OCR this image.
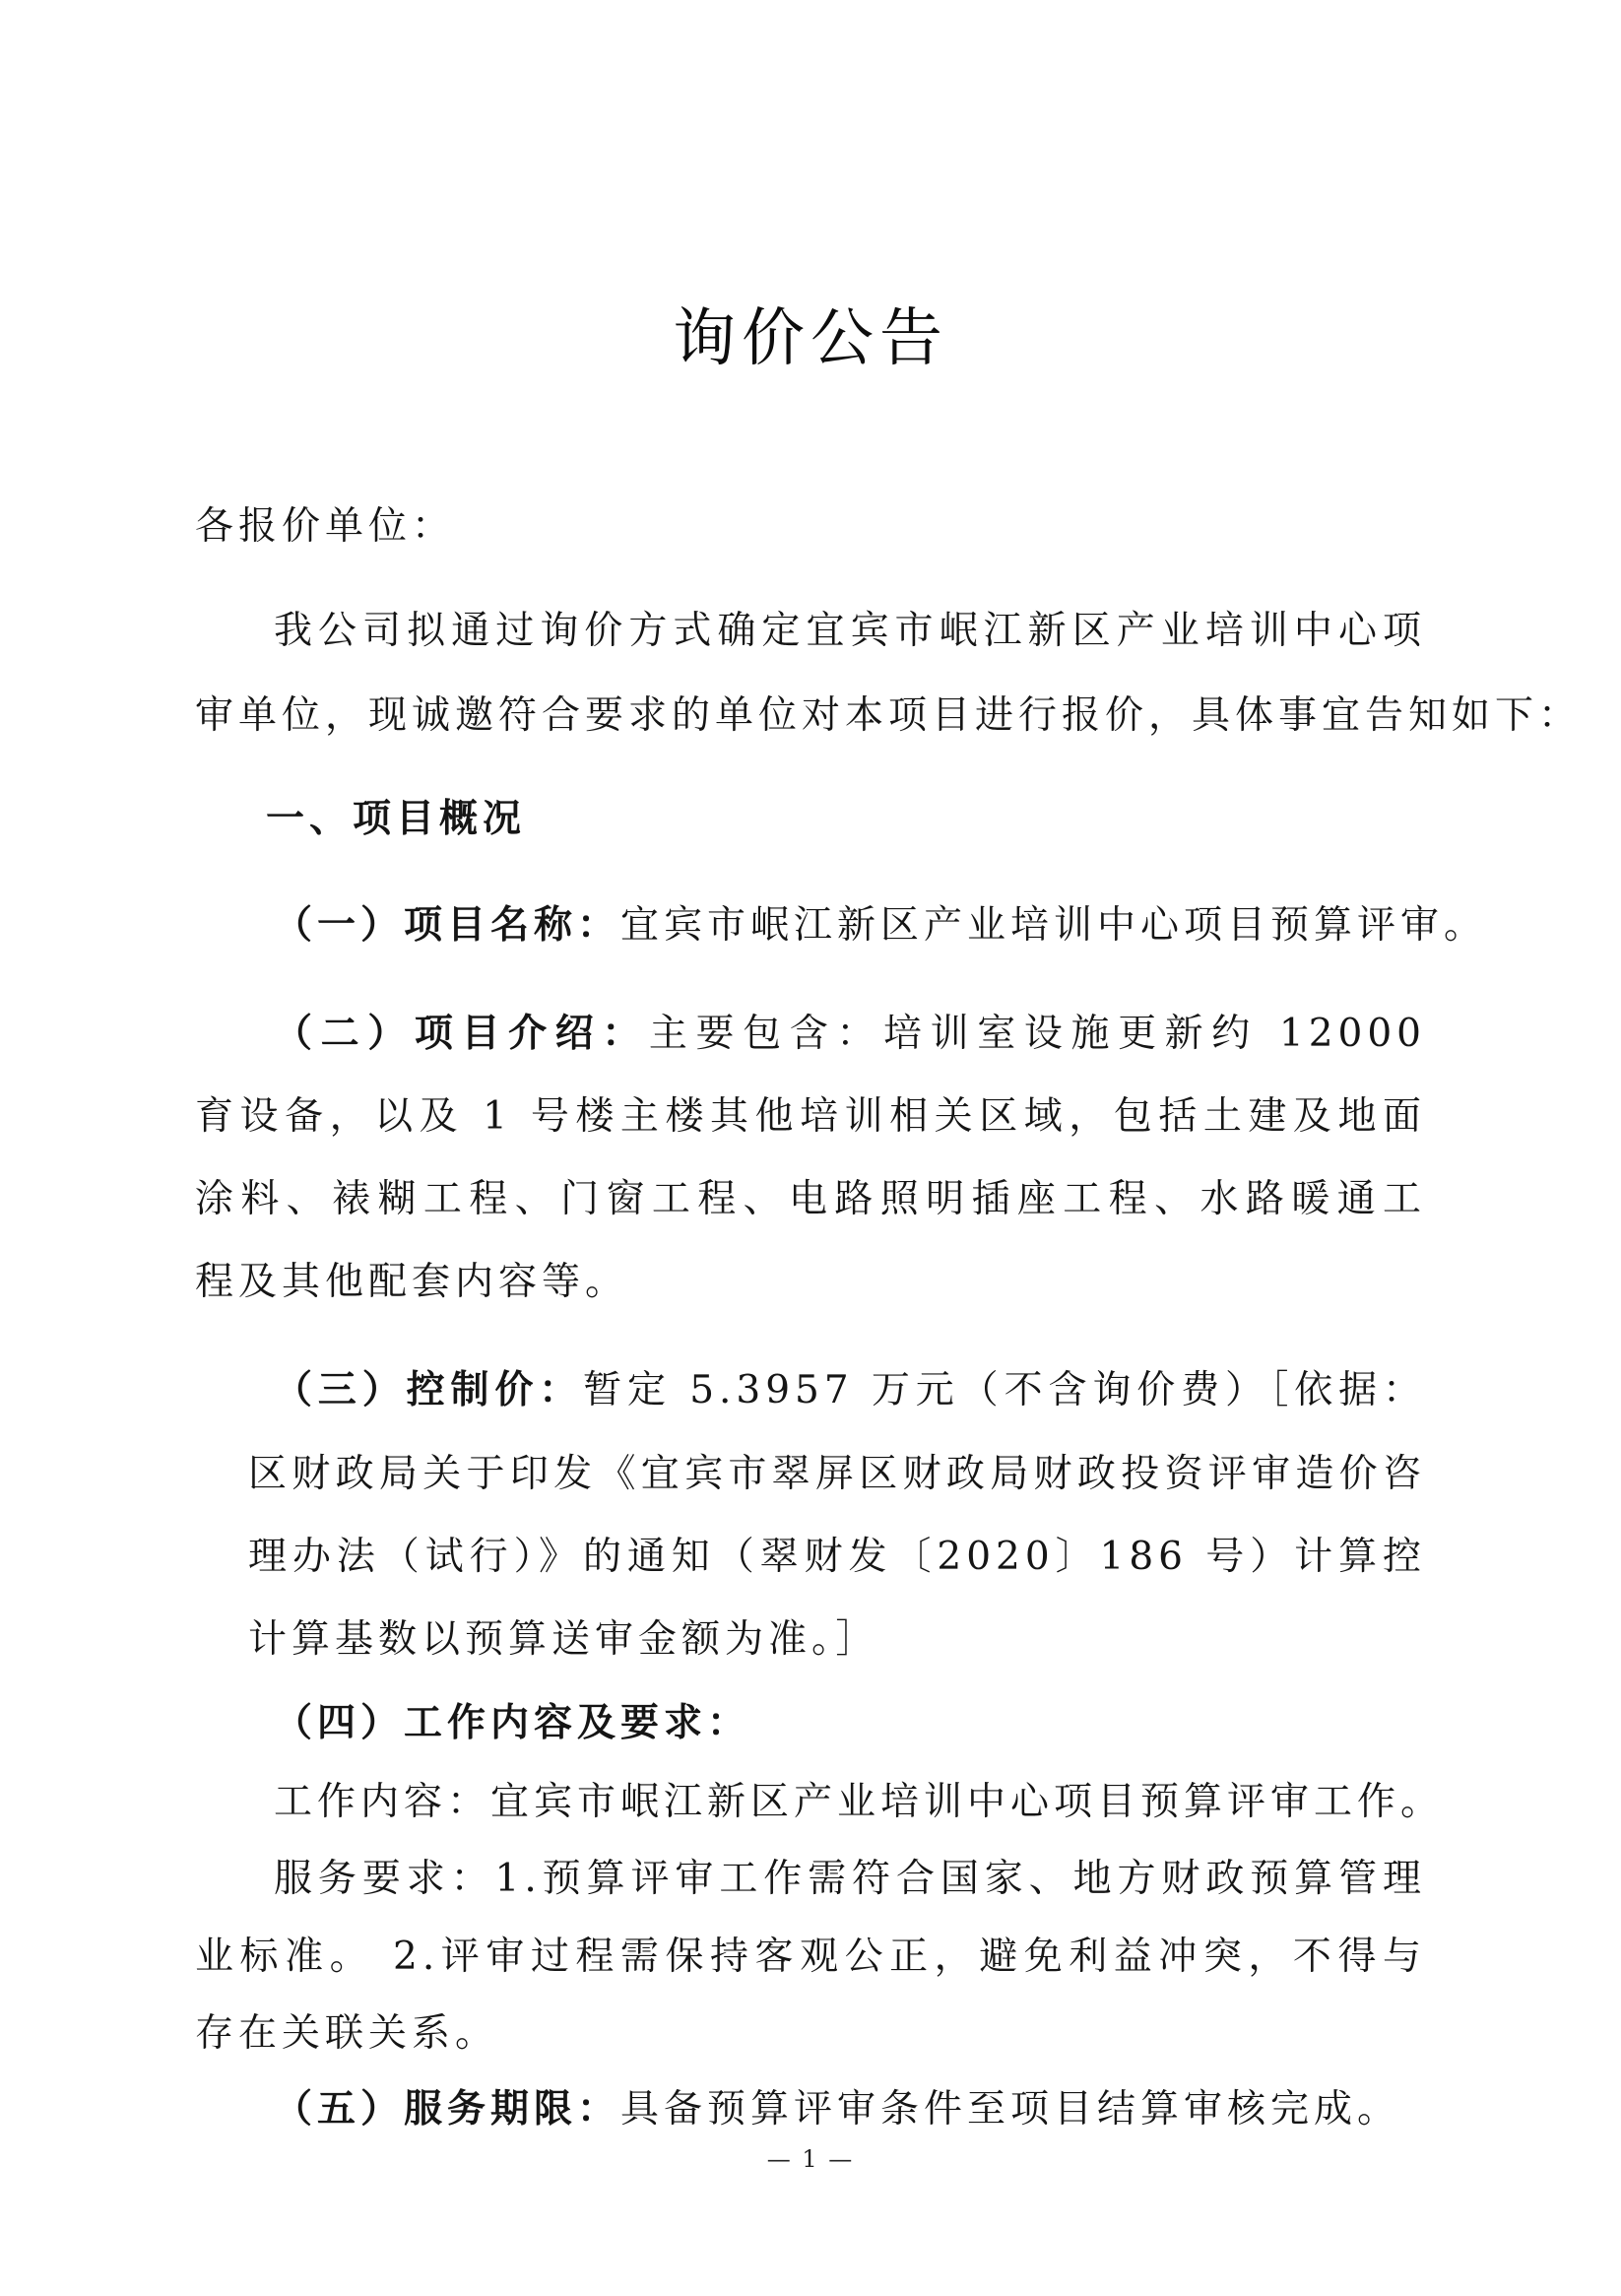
询价公告
各报价单位：
我公司拟通过询价方式确定宜宾市岷江新区产业培训中心项
审单位，现诚邀符合要求的单位对本项目进行报价，具体事宜告知如下：
一、项目概况
（一）项目名称：宜宾市岷江新区产业培训中心项目预算评审。
（二）项目介绍：主要包含：培训室设施更新约 12000
育设备，以及 1 号楼主楼其他培训相关区域，包括土建及地面
涂料、裱糊工程、门窗工程、电路照明插座工程、水路暖通工
程及其他配套内容等。
（三）控制价：暂定 5.3957 万元（不含询价费）［依据：
区财政局关于印发《宜宾市翠屏区财政局财政投资评审造价咨
理办法（试行）》的通知（翠财发〔2020〕186 号）计算控
计算基数以预算送审金额为准。］
（四）工作内容及要求：
工作内容：宜宾市岷江新区产业培训中心项目预算评审工作。
服务要求：1.预算评审工作需符合国家、地方财政预算管理
业标准。 2.评审过程需保持客观公正，避免利益冲突，不得与
存在关联关系。
（五）服务期限：具备预算评审条件至项目结算审核完成。
— 1 —
